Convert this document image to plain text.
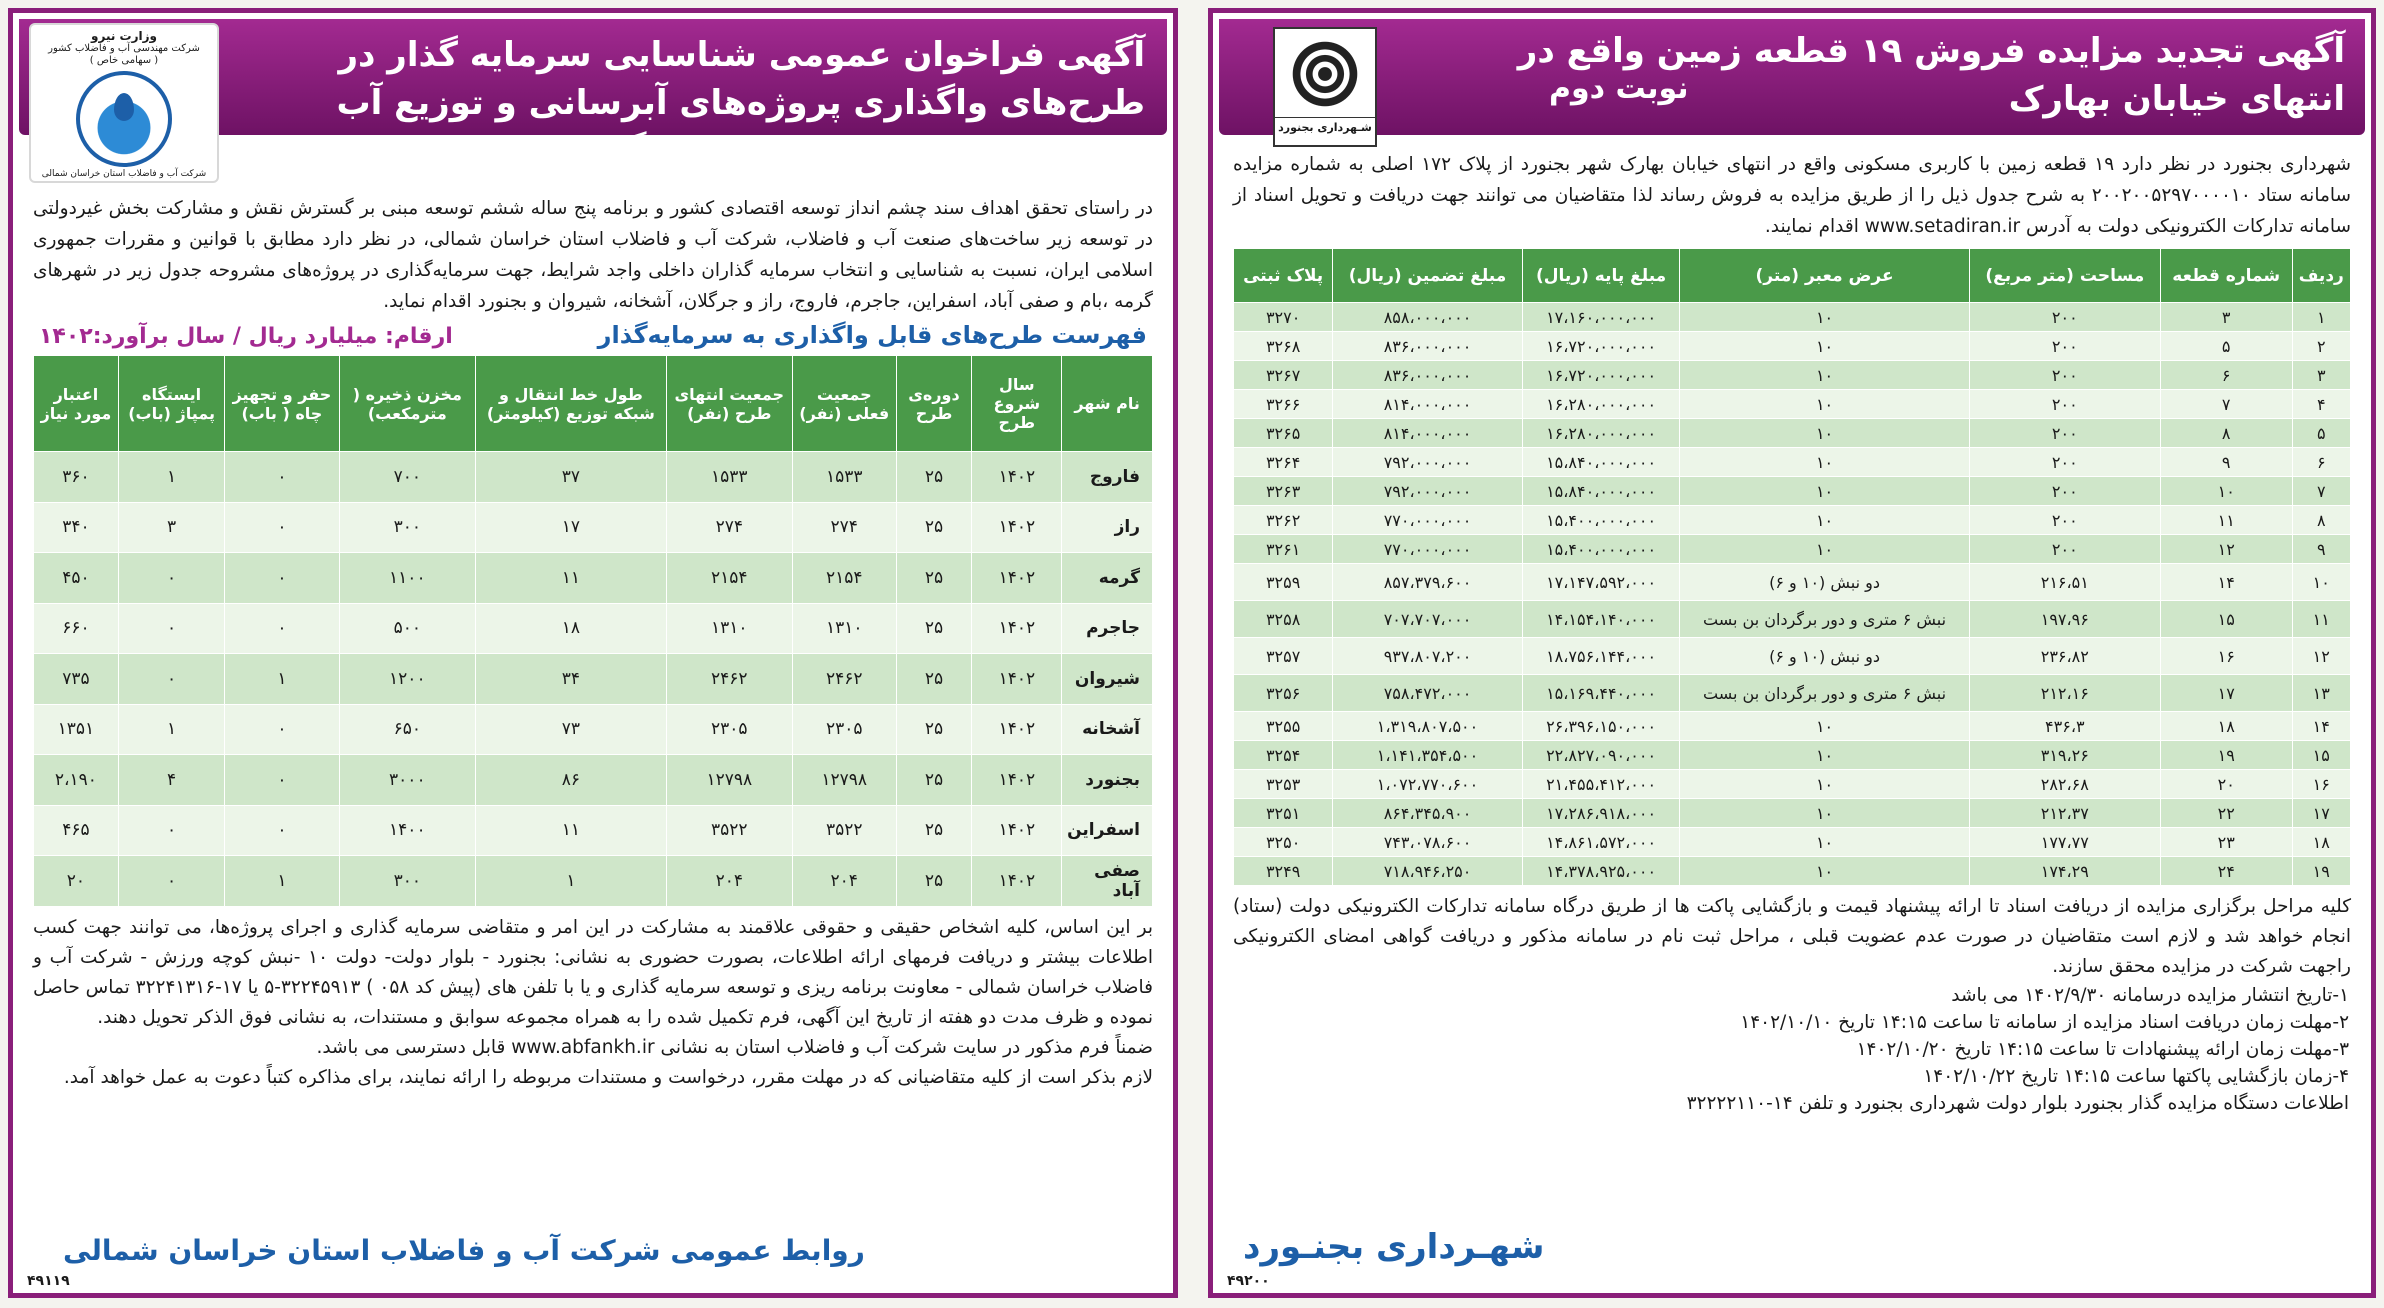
آگهی فراخوان عمومی شناسایی سرمایه گذار در طرح‌های واگذاری پروژه‌های آبرسانی و توزیع آب اراضی نهضت ملی به سرمایه گذار (نوبت دوم)
وزارت نیرو
شرکت مهندسی آب و فاضلاب کشور
( سهامی خاص )
شرکت آب و فاضلاب استان خراسان شمالی

در راستای تحقق اهداف سند چشم انداز توسعه اقتصادی کشور و برنامه پنج ساله ششم توسعه مبنی بر گسترش نقش و مشارکت بخش غیردولتی در توسعه زیر ساخت‌های صنعت آب و فاضلاب، شرکت آب و فاضلاب استان خراسان شمالی، در نظر دارد مطابق با قوانین و مقررات جمهوری اسلامی ایران، نسبت به شناسایی و انتخاب سرمایه گذاران داخلی واجد شرایط، جهت سرمایه‌گذاری در پروژه‌های مشروحه جدول زیر در شهرهای گرمه ،بام و صفی آباد، اسفراین، جاجرم، فاروج، راز و جرگلان، آشخانه، شیروان و بجنورد اقدام نماید.

فهرست طرح‌های قابل واگذاری به سرمایه‌گذار
ارقام: میلیارد ریال / سال برآورد:۱۴۰۲
نام شهر	سال شروع طرح	دوره‌ی طرح	جمعیت فعلی (نفر)	جمعیت انتهای طرح (نفر)	طول خط انتقال و شبکه توزیع (کیلومتر)	مخزن ذخیره ( مترمکعب)	حفر و تجهیز چاه ( باب)	ایستگاه پمپاژ (باب)	اعتبار مورد نیاز
فاروج	۱۴۰۲	۲۵	۱۵۳۳	۱۵۳۳	۳۷	۷۰۰	۰	۱	۳۶۰
راز	۱۴۰۲	۲۵	۲۷۴	۲۷۴	۱۷	۳۰۰	۰	۳	۳۴۰
گرمه	۱۴۰۲	۲۵	۲۱۵۴	۲۱۵۴	۱۱	۱۱۰۰	۰	۰	۴۵۰
جاجرم	۱۴۰۲	۲۵	۱۳۱۰	۱۳۱۰	۱۸	۵۰۰	۰	۰	۶۶۰
شیروان	۱۴۰۲	۲۵	۲۴۶۲	۲۴۶۲	۳۴	۱۲۰۰	۱	۰	۷۳۵
آشخانه	۱۴۰۲	۲۵	۲۳۰۵	۲۳۰۵	۷۳	۶۵۰	۰	۱	۱۳۵۱
بجنورد	۱۴۰۲	۲۵	۱۲۷۹۸	۱۲۷۹۸	۸۶	۳۰۰۰	۰	۴	۲،۱۹۰
اسفراین	۱۴۰۲	۲۵	۳۵۲۲	۳۵۲۲	۱۱	۱۴۰۰	۰	۰	۴۶۵
صفی آباد	۱۴۰۲	۲۵	۲۰۴	۲۰۴	۱	۳۰۰	۱	۰	۲۰

بر این اساس، کلیه اشخاص حقیقی و حقوقی علاقمند به مشارکت در این امر و متقاضی سرمایه گذاری و اجرای پروژه‌ها، می توانند جهت کسب اطلاعات بیشتر و دریافت فرمهای ارائه اطلاعات، بصورت حضوری به نشانی: بجنورد - بلوار دولت- دولت ۱۰ -نبش کوچه ورزش - شرکت آب و فاضلاب خراسان شمالی - معاونت برنامه ریزی و توسعه سرمایه گذاری و یا با تلفن های (پیش کد ۰۵۸ ) ۳۲۲۴۵۹۱۳-۵ یا ۱۷-۳۲۲۴۱۳۱۶ تماس حاصل نموده و ظرف مدت دو هفته از تاریخ این آگهی، فرم تکمیل شده را به همراه مجموعه سوابق و مستندات، به نشانی فوق الذکر تحویل دهند.

ضمناً فرم مذکور در سایت شرکت آب و فاضلاب استان به نشانی www.abfankh.ir قابل دسترسی می باشد.

لازم بذکر است از کلیه متقاضیانی که در مهلت مقرر، درخواست و مستندات مربوطه را ارائه نمایند، برای مذاکره کتباً دعوت به عمل خواهد آمد.

روابط عمومی شرکت آب و فاضلاب استان خراسان شمالی
۴۹۱۱۹
آگهی تجدید مزایده فروش ۱۹ قطعه زمین واقع در انتهای خیابان بهارک
نوبت دوم
شـهرداری بجنورد

شهرداری بجنورد در نظر دارد ۱۹ قطعه زمین با کاربری مسکونی واقع در انتهای خیابان بهارک شهر بجنورد از پلاک ۱۷۲ اصلی به شماره مزایده سامانه ستاد ۲۰۰۲۰۰۵۲۹۷۰۰۰۰۱۰ به شرح جدول ذیل را از طریق مزایده به فروش رساند لذا متقاضیان می توانند جهت دریافت و تحویل اسناد از سامانه تدارکات الکترونیکی دولت به آدرس www.setadiran.ir اقدام نمایند.

ردیف	شماره قطعه	مساحت (متر مربع)	عرض معبر (متر)	مبلغ پایه (ریال)	مبلغ تضمین (ریال)	پلاک ثبتی
۱	۳	۲۰۰	۱۰	۱۷،۱۶۰،۰۰۰،۰۰۰	۸۵۸،۰۰۰،۰۰۰	۳۲۷۰
۲	۵	۲۰۰	۱۰	۱۶،۷۲۰،۰۰۰،۰۰۰	۸۳۶،۰۰۰،۰۰۰	۳۲۶۸
۳	۶	۲۰۰	۱۰	۱۶،۷۲۰،۰۰۰،۰۰۰	۸۳۶،۰۰۰،۰۰۰	۳۲۶۷
۴	۷	۲۰۰	۱۰	۱۶،۲۸۰،۰۰۰،۰۰۰	۸۱۴،۰۰۰،۰۰۰	۳۲۶۶
۵	۸	۲۰۰	۱۰	۱۶،۲۸۰،۰۰۰،۰۰۰	۸۱۴،۰۰۰،۰۰۰	۳۲۶۵
۶	۹	۲۰۰	۱۰	۱۵،۸۴۰،۰۰۰،۰۰۰	۷۹۲،۰۰۰،۰۰۰	۳۲۶۴
۷	۱۰	۲۰۰	۱۰	۱۵،۸۴۰،۰۰۰،۰۰۰	۷۹۲،۰۰۰،۰۰۰	۳۲۶۳
۸	۱۱	۲۰۰	۱۰	۱۵،۴۰۰،۰۰۰،۰۰۰	۷۷۰،۰۰۰،۰۰۰	۳۲۶۲
۹	۱۲	۲۰۰	۱۰	۱۵،۴۰۰،۰۰۰،۰۰۰	۷۷۰،۰۰۰،۰۰۰	۳۲۶۱
۱۰	۱۴	۲۱۶،۵۱	دو نبش (۱۰ و ۶)	۱۷،۱۴۷،۵۹۲،۰۰۰	۸۵۷،۳۷۹،۶۰۰	۳۲۵۹
۱۱	۱۵	۱۹۷،۹۶	نبش ۶ متری و دور برگردان بن بست	۱۴،۱۵۴،۱۴۰،۰۰۰	۷۰۷،۷۰۷،۰۰۰	۳۲۵۸
۱۲	۱۶	۲۳۶،۸۲	دو نبش (۱۰ و ۶)	۱۸،۷۵۶،۱۴۴،۰۰۰	۹۳۷،۸۰۷،۲۰۰	۳۲۵۷
۱۳	۱۷	۲۱۲،۱۶	نبش ۶ متری و دور برگردان بن بست	۱۵،۱۶۹،۴۴۰،۰۰۰	۷۵۸،۴۷۲،۰۰۰	۳۲۵۶
۱۴	۱۸	۴۳۶،۳	۱۰	۲۶،۳۹۶،۱۵۰،۰۰۰	۱،۳۱۹،۸۰۷،۵۰۰	۳۲۵۵
۱۵	۱۹	۳۱۹،۲۶	۱۰	۲۲،۸۲۷،۰۹۰،۰۰۰	۱،۱۴۱،۳۵۴،۵۰۰	۳۲۵۴
۱۶	۲۰	۲۸۲،۶۸	۱۰	۲۱،۴۵۵،۴۱۲،۰۰۰	۱،۰۷۲،۷۷۰،۶۰۰	۳۲۵۳
۱۷	۲۲	۲۱۲،۳۷	۱۰	۱۷،۲۸۶،۹۱۸،۰۰۰	۸۶۴،۳۴۵،۹۰۰	۳۲۵۱
۱۸	۲۳	۱۷۷،۷۷	۱۰	۱۴،۸۶۱،۵۷۲،۰۰۰	۷۴۳،۰۷۸،۶۰۰	۳۲۵۰
۱۹	۲۴	۱۷۴،۲۹	۱۰	۱۴،۳۷۸،۹۲۵،۰۰۰	۷۱۸،۹۴۶،۲۵۰	۳۲۴۹

کلیه مراحل برگزاری مزایده از دریافت اسناد تا ارائه پیشنهاد قیمت و بازگشایی پاکت ها از طریق درگاه سامانه تدارکات الکترونیکی دولت (ستاد) انجام خواهد شد و لازم است متقاضیان در صورت عدم عضویت قبلی ، مراحل ثبت نام در سامانه مذکور و دریافت گواهی امضای الکترونیکی راجهت شرکت در مزایده محقق سازند.

۱-تاریخ انتشار مزایده درسامانه ۱۴۰۲/۹/۳۰ می باشد
۲-مهلت زمان دریافت اسناد مزایده از سامانه تا ساعت ۱۴:۱۵ تاریخ ۱۴۰۲/۱۰/۱۰
۳-مهلت زمان ارائه پیشنهادات تا ساعت ۱۴:۱۵ تاریخ ۱۴۰۲/۱۰/۲۰
۴-زمان بازگشایی پاکتها ساعت ۱۴:۱۵ تاریخ ۱۴۰۲/۱۰/۲۲
اطلاعات دستگاه مزایده گذار بجنورد بلوار دولت شهرداری بجنورد و تلفن ۱۴-۳۲۲۲۲۱۱۰
شهـرداری بجنـورد
۴۹۲۰۰
